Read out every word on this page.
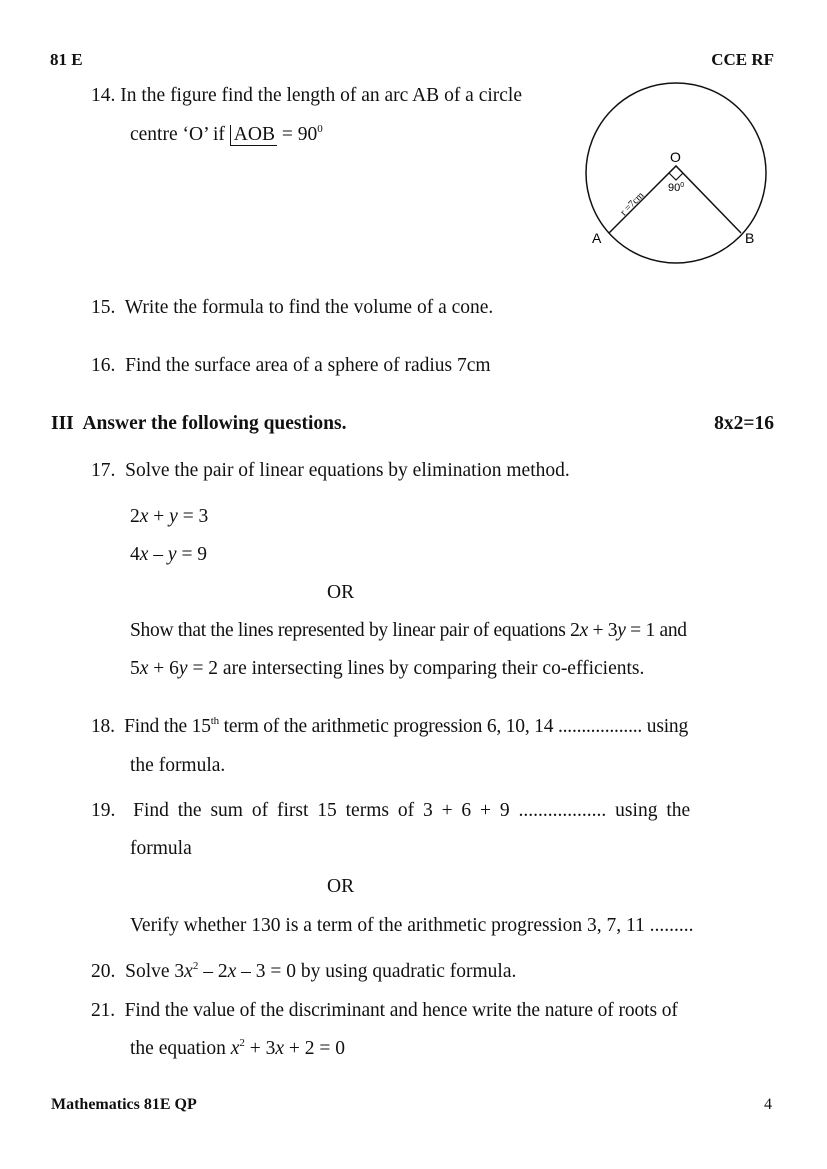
81 E	CCE RF
14. In the figure find the length of an arc AB of a circle
centre ‘O’ if AOB = $90^0$
O
A	B
$90^0$
r =7cm
15. Write the formula to find the volume of a cone.
16. Find the surface area of a sphere of radius 7cm
III Answer the following questions.	8x2=16
17. Solve the pair of linear equations by elimination method.
2x + y = 3
4x – y = 9
OR
Show that the lines represented by linear pair of equations 2x + 3y = 1 and
5x + 6y = 2 are intersecting lines by comparing their co-efficients.
18. Find the 15th term of the arithmetic progression 6, 10, 14 .................. using
the formula.
19. Find the sum of first 15 terms of 3 + 6 + 9 .................. using the
formula
OR
Verify whether 130 is a term of the arithmetic progression 3, 7, 11 .........
20. Solve $3x^2 - 2x - 3 = 0$ by using quadratic formula.
21. Find the value of the discriminant and hence write the nature of roots of
the equation $x^2 + 3x + 2 = 0$
Mathematics 81E QP	4
